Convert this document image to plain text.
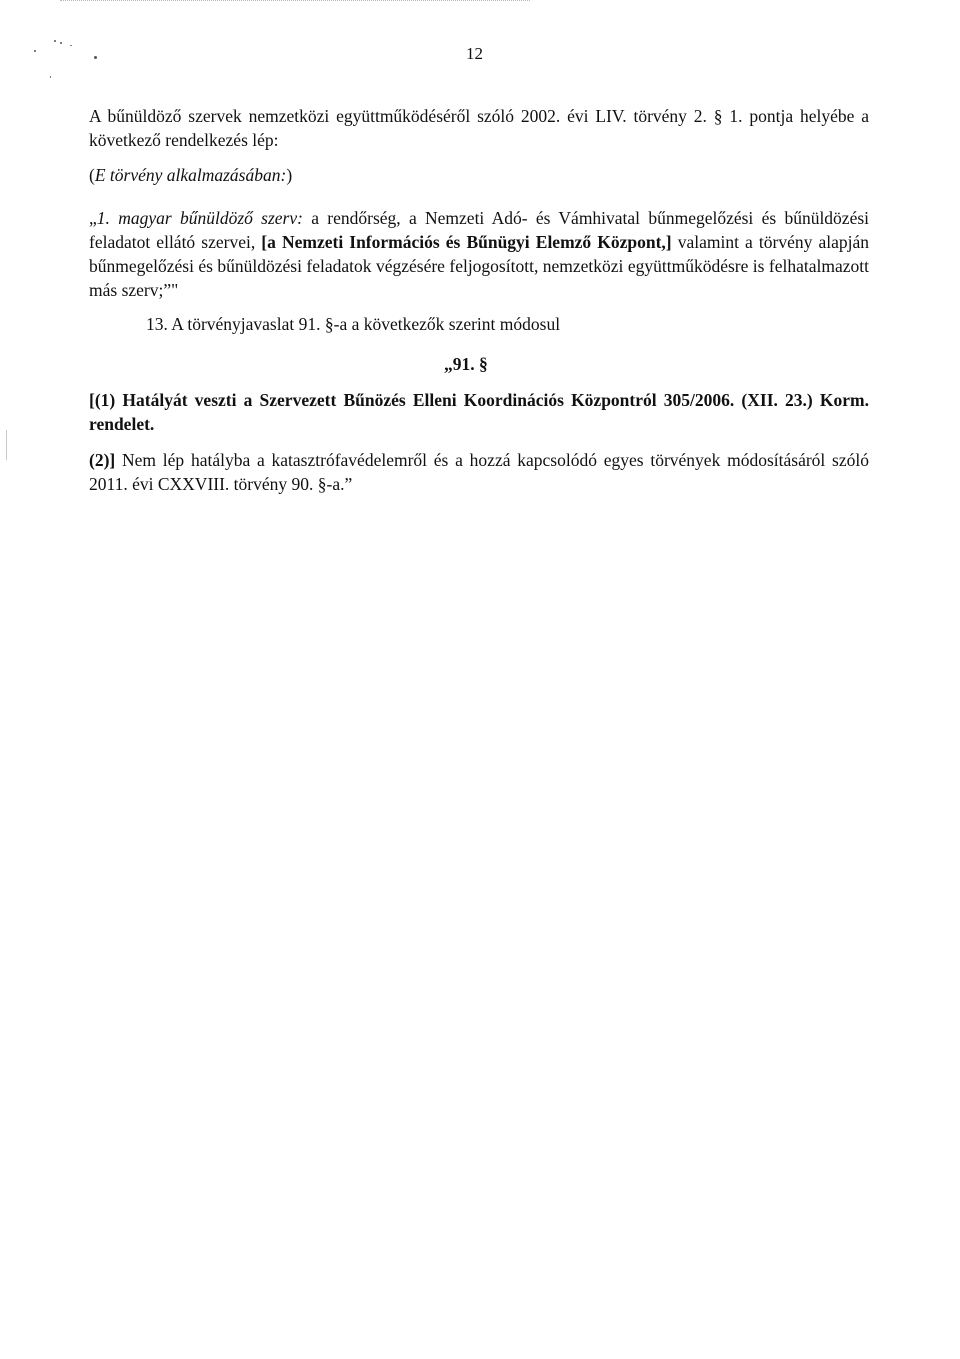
12
A bűnüldöző szervek nemzetközi együttműködéséről szóló 2002. évi LIV. törvény 2. § 1. pontja helyébe a következő rendelkezés lép:
(E törvény alkalmazásában:)
„1. magyar bűnüldöző szerv: a rendőrség, a Nemzeti Adó- és Vámhivatal bűnmegelőzési és bűnüldözési feladatot ellátó szervei, [a Nemzeti Információs és Bűnügyi Elemző Központ,] valamint a törvény alapján bűnmegelőzési és bűnüldözési feladatok végzésére feljogosított, nemzetközi együttműködésre is felhatalmazott más szerv;”"
13. A törvényjavaslat 91. §-a a következők szerint módosul
„91. §
[(1) Hatályát veszti a Szervezett Bűnözés Elleni Koordinációs Központról 305/2006. (XII. 23.) Korm. rendelet.
(2)] Nem lép hatályba a katasztrófavédelemről és a hozzá kapcsolódó egyes törvények módosításáról szóló 2011. évi CXXVIII. törvény 90. §-a.”
